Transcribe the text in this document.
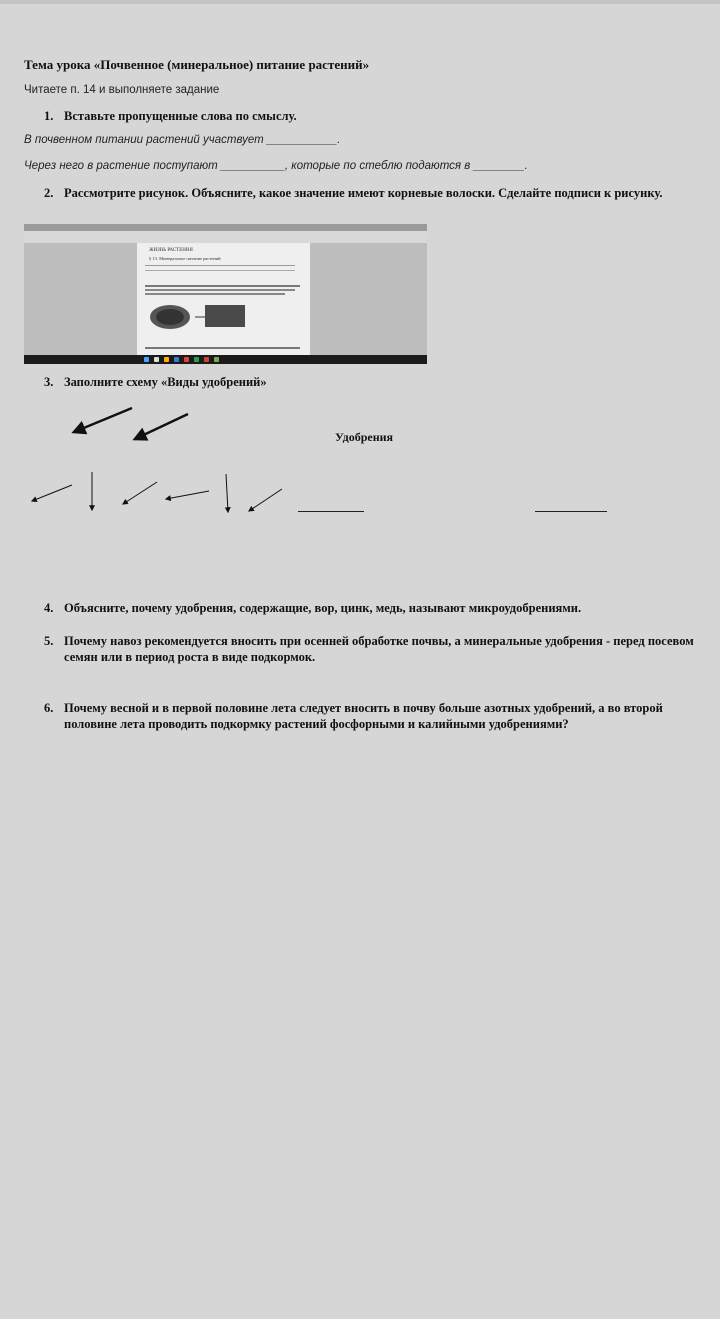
Тема урока «Почвенное (минеральное) питание растений»
Читаете п. 14 и выполняете задание
1. Вставьте пропущенные слова по смыслу.
В почвенном питании растений участвует ___________.
Через него в растение поступают __________, которые по стеблю подаются в ________.
2. Рассмотрите рисунок. Объясните, какое значение имеют корневые волоски. Сделайте подписи к рисунку.
ЖИЗНЬ РАСТЕНИЯ
§ 13. Минеральное питание растений
3. Заполните схему «Виды удобрений»
Удобрения
4. Объясните, почему удобрения, содержащие, вор, цинк, медь, называют микроудобрениями.
5. Почему навоз рекомендуется вносить при осенней обработке почвы, а минеральные удобрения - перед посевом семян или в период роста в виде подкормок.
6. Почему весной и в первой половине лета следует вносить в почву больше азотных удобрений, а во второй половине лета проводить подкормку растений фосфорными и калийными удобрениями?
